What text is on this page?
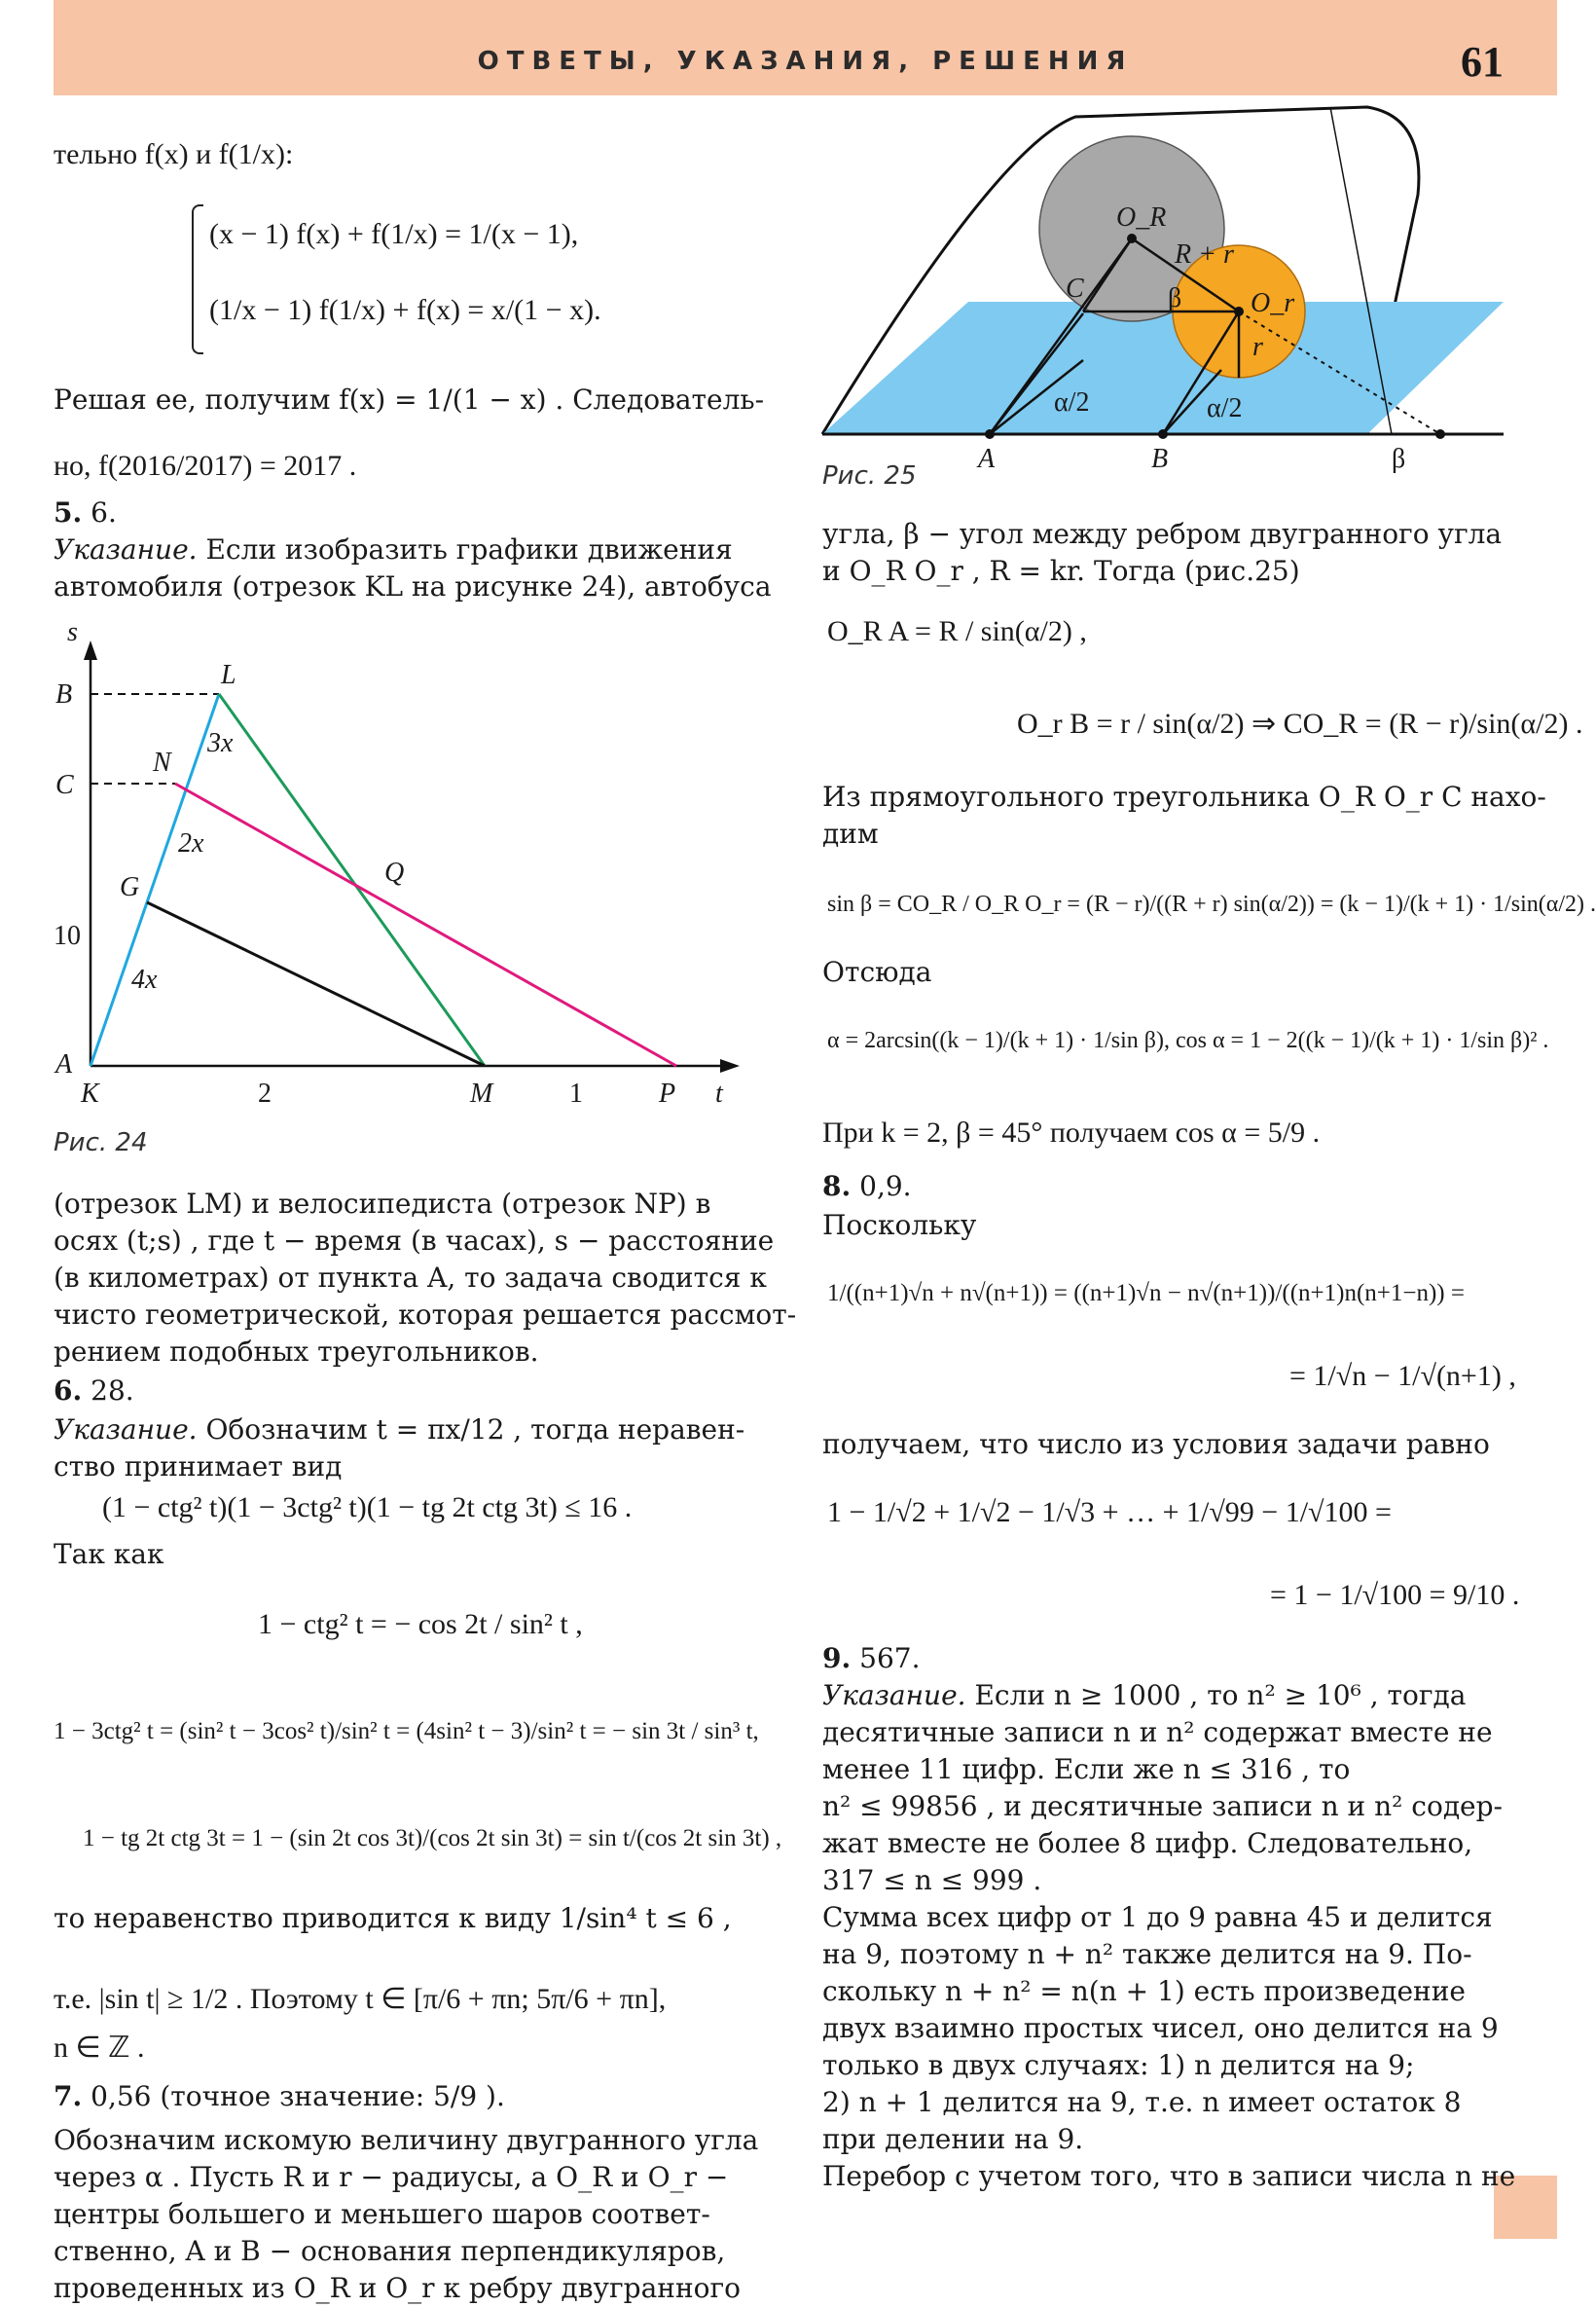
ОТВЕТЫ, УКАЗАНИЯ, РЕШЕНИЯ	61
тельно f(x) и f(1/x):
(x − 1) f(x) + f(1/x) = 1/(x − 1),
(1/x − 1) f(1/x) + f(x) = x/(1 − x).
Решая ее, получим f(x) = 1/(1 − x) . Следователь-
но, f(2016/2017) = 2017 .
5. 6.
Указание. Если изобразить графики движения
автомобиля (отрезок KL на рисунке 24), автобуса
s
B
L
C
N
3x
G
2x
Q
10
4x
A
K	2	M	1	P t
Рис. 24
(отрезок LM) и велосипедиста (отрезок NP) в
осях (t;s) , где t − время (в часах), s − расстояние
(в километрах) от пункта A, то задача сводится к
чисто геометрической, которая решается рассмот-
рением подобных треугольников.
6. 28.
Указание. Обозначим t = πx/12 , тогда неравен-
ство принимает вид
(1 − ctg² t)(1 − 3ctg² t)(1 − tg 2t ctg 3t) ≤ 16 .
Так как
1 − ctg² t = − cos 2t / sin² t ,
1 − 3ctg² t = (sin² t − 3cos² t)/sin² t = (4sin² t − 3)/sin² t = − sin 3t / sin³ t,
1 − tg 2t ctg 3t = 1 − (sin 2t cos 3t)/(cos 2t sin 3t) = sin t/(cos 2t sin 3t) ,
то неравенство приводится к виду 1/sin⁴ t ≤ 6 ,
т.е. |sin t| ≥ 1/2 . Поэтому t ∈ [π/6 + πn; 5π/6 + πn],
n ∈ ℤ .
7. 0,56 (точное значение: 5/9 ).
Обозначим искомую величину двугранного угла
через α . Пусть R и r − радиусы, а O_R и O_r −
центры большего и меньшего шаров соответ-
ственно, A и B − основания перпендикуляров,
проведенных из O_R и O_r к ребру двугранного
O_R
R + r
C	β	O_r
r
α/2	α/2
A	B	β
Рис. 25
угла, β − угол между ребром двугранного угла
и O_R O_r , R = kr. Тогда (рис.25)
O_R A = R / sin(α/2) ,
O_r B = r / sin(α/2) ⇒ CO_R = (R − r)/sin(α/2) .
Из прямоугольного треугольника O_R O_r C нахо-
дим
sin β = CO_R / O_R O_r = (R − r)/((R + r) sin(α/2)) = (k − 1)/(k + 1) · 1/sin(α/2) .
Отсюда
α = 2arcsin((k − 1)/(k + 1) · 1/sin β), cos α = 1 − 2((k − 1)/(k + 1) · 1/sin β)² .
При k = 2, β = 45° получаем cos α = 5/9 .
8. 0,9.
Поскольку
1/((n+1)√n + n√(n+1)) = ((n+1)√n − n√(n+1))/((n+1)n(n+1−n)) =
= 1/√n − 1/√(n+1) ,
получаем, что число из условия задачи равно
1 − 1/√2 + 1/√2 − 1/√3 + … + 1/√99 − 1/√100 =
= 1 − 1/√100 = 9/10 .
9. 567.
Указание. Если n ≥ 1000 , то n² ≥ 10⁶ , тогда
десятичные записи n и n² содержат вместе не
менее 11 цифр. Если же n ≤ 316 , то
n² ≤ 99856 , и десятичные записи n и n² содер-
жат вместе не более 8 цифр. Следовательно,
317 ≤ n ≤ 999 .
Сумма всех цифр от 1 до 9 равна 45 и делится
на 9, поэтому n + n² также делится на 9. По-
скольку n + n² = n(n + 1) есть произведение
двух взаимно простых чисел, оно делится на 9
только в двух случаях: 1) n делится на 9;
2) n + 1 делится на 9, т.е. n имеет остаток 8
при делении на 9.
Перебор с учетом того, что в записи числа n не
